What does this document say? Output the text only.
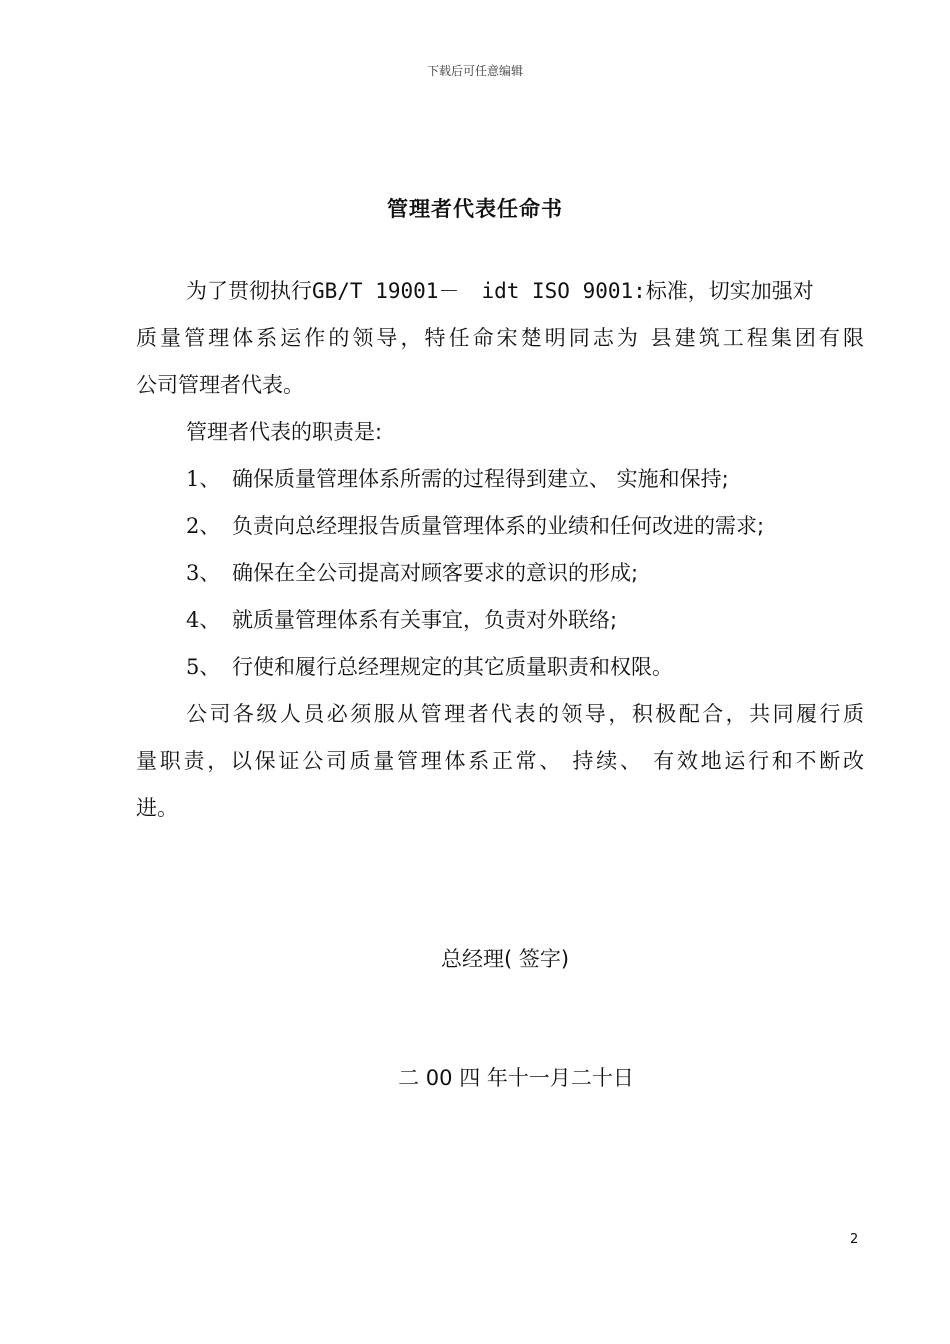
下载后可任意编辑
管理者代表任命书
为了贯彻执行GB/T 19001－ idt ISO 9001:标准，切实加强对
质量管理体系运作的领导，特任命宋楚明同志为 县建筑工程集团有限
公司管理者代表。
管理者代表的职责是:
1、 确保质量管理体系所需的过程得到建立、 实施和保持;
2、 负责向总经理报告质量管理体系的业绩和任何改进的需求;
3、 确保在全公司提高对顾客要求的意识的形成;
4、 就质量管理体系有关事宜，负责对外联络;
5、 行使和履行总经理规定的其它质量职责和权限。
公司各级人员必须服从管理者代表的领导，积极配合，共同履行质
量职责，以保证公司质量管理体系正常、 持续、 有效地运行和不断改
进。
总经理( 签字)
二 00 四 年十一月二十日
2
